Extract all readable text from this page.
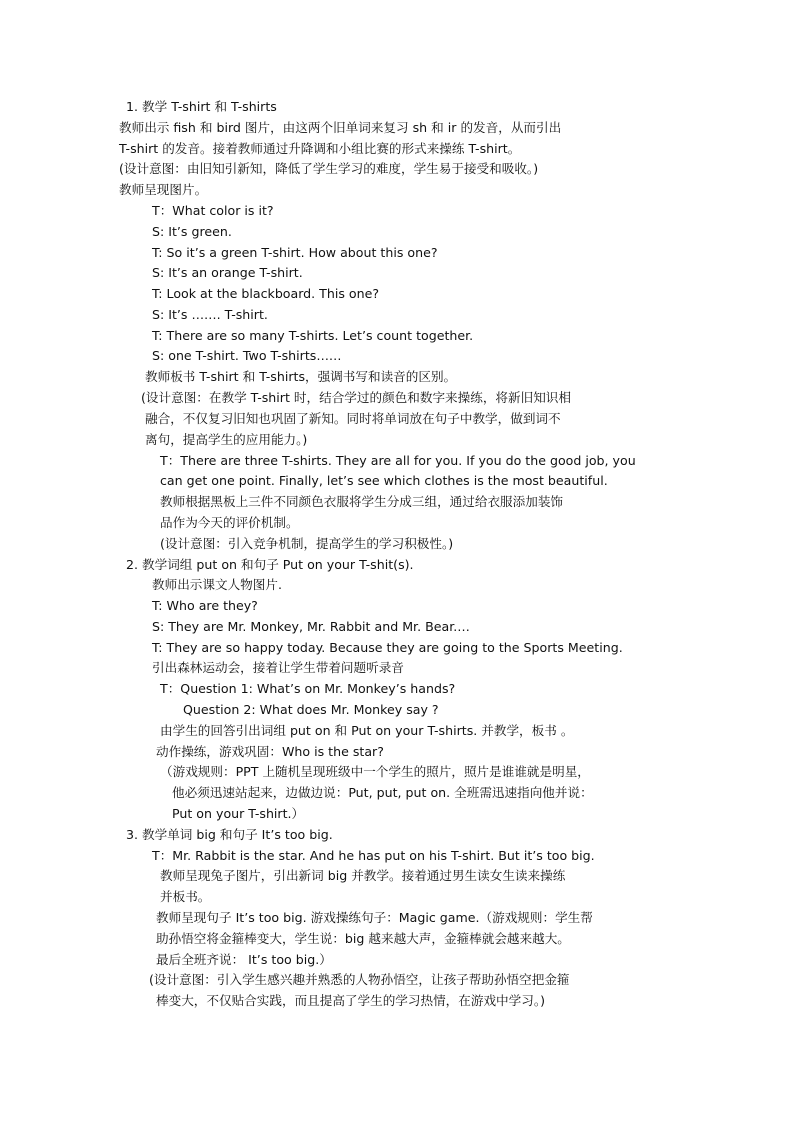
1. 教学 T-shirt 和 T-shirts
教师出示 fish 和 bird 图片，由这两个旧单词来复习 sh 和 ir 的发音，从而引出
T-shirt 的发音。接着教师通过升降调和小组比赛的形式来操练 T-shirt。
(设计意图：由旧知引新知，降低了学生学习的难度，学生易于接受和吸收。)
教师呈现图片。
T：What color is it?
S: It’s green.
T: So it’s a green T-shirt. How about this one?
S: It’s an orange T-shirt.
T: Look at the blackboard. This one?
S: It’s ……. T-shirt.
T: There are so many T-shirts. Let’s count together.
S: one T-shirt. Two T-shirts……
教师板书 T-shirt 和 T-shirts，强调书写和读音的区别。
(设计意图：在教学 T-shirt 时，结合学过的颜色和数字来操练，将新旧知识相
融合，不仅复习旧知也巩固了新知。同时将单词放在句子中教学，做到词不
离句，提高学生的应用能力。)
T：There are three T-shirts. They are all for you. If you do the good job, you
can get one point. Finally, let’s see which clothes is the most beautiful.
教师根据黑板上三件不同颜色衣服将学生分成三组，通过给衣服添加装饰
品作为今天的评价机制。
(设计意图：引入竞争机制，提高学生的学习积极性。)
2. 教学词组 put on 和句子 Put on your T-shit(s).
教师出示课文人物图片.
T: Who are they?
S: They are Mr. Monkey, Mr. Rabbit and Mr. Bear.…
T: They are so happy today. Because they are going to the Sports Meeting.
引出森林运动会，接着让学生带着问题听录音
T：Question 1: What’s on Mr. Monkey’s hands?
Question 2: What does Mr. Monkey say ?
由学生的回答引出词组 put on 和 Put on your T-shirts. 并教学，板书 。
动作操练，游戏巩固：Who is the star?
（游戏规则：PPT 上随机呈现班级中一个学生的照片，照片是谁谁就是明星，
他必须迅速站起来，边做边说：Put, put, put on. 全班需迅速指向他并说：
Put on your T-shirt.）
3. 教学单词 big 和句子 It’s too big.
T：Mr. Rabbit is the star. And he has put on his T-shirt. But it’s too big.
教师呈现兔子图片，引出新词 big 并教学。接着通过男生读女生读来操练
并板书。
教师呈现句子 It’s too big. 游戏操练句子：Magic game.（游戏规则：学生帮
助孙悟空将金箍棒变大，学生说：big 越来越大声，金箍棒就会越来越大。
最后全班齐说： It’s too big.）
(设计意图：引入学生感兴趣并熟悉的人物孙悟空，让孩子帮助孙悟空把金箍
棒变大，不仅贴合实践，而且提高了学生的学习热情，在游戏中学习。)
